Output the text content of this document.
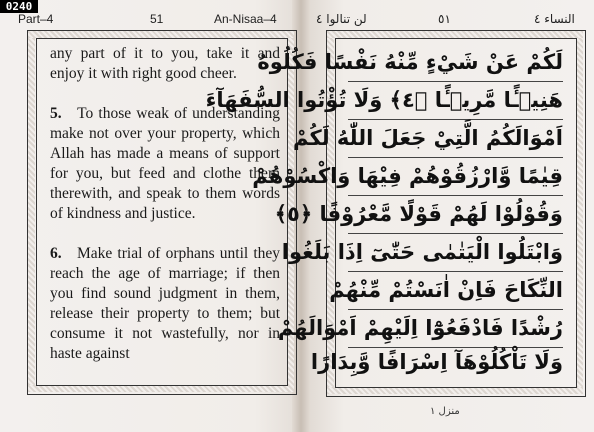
0240
Part–4	51	An-Nisaa–4

any part of it to you, take it and enjoy it with right good cheer.

5. To those weak of understanding make not over your property, which Allah has made a means of support for you, but feed and clothe them therewith, and speak to them words of kindness and justice.

6. Make trial of orphans until they reach the age of marriage; if then you find sound judgment in them, release their property to them; but consume it not wastefully, nor in haste against

لن تنالوا ٤	٥١	النساء ٤
لَكُمْ عَنْ شَيْءٍ مِّنْهُ نَفْسًا فَكُلُوهُ
هَنِيۤـًٔا مَّرِيۤـًٔا ﴿٤﴾ وَلَا تُؤْتُوا السُّفَهَآءَ
اَمْوَالَكُمُ الَّتِيْ جَعَلَ اللّٰهُ لَكُمْ
قِيٰمًا وَّارْزُقُوْهُمْ فِيْهَا وَاكْسُوْهُمْ
وَقُوْلُوْا لَهُمْ قَوْلًا مَّعْرُوْفًا ﴿٥﴾
وَابْتَلُوا الْيَتٰمٰى حَتّٰىٓ اِذَا بَلَغُوا
النِّكَاحَ فَاِنْ اٰنَسْتُمْ مِّنْهُمْ
رُشْدًا فَادْفَعُوْٓا اِلَيْهِمْ اَمْوَالَهُمْ
وَلَا تَاْكُلُوْهَآ اِسْرَافًا وَّبِدَارًا
منزل ١
